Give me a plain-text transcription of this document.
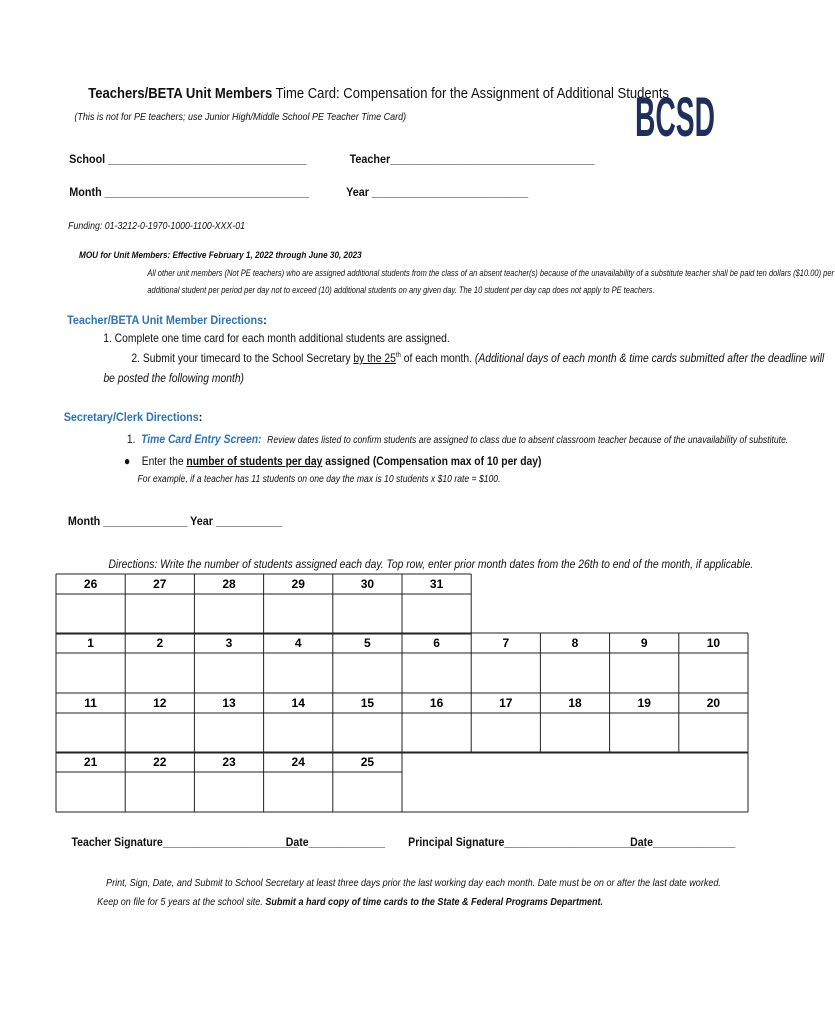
Teachers/BETA Unit Members Time Card: Compensation for the Assignment of Additional Students
(This is not for PE teachers; use Junior High/Middle School PE Teacher Time Card)	BCSD
School _________________________________	Teacher__________________________________
Month __________________________________	Year __________________________
Funding: 01-3212-0-1970-1000-1100-XXX-01
MOU for Unit Members: Effective February 1, 2022 through June 30, 2023
All other unit members (Not PE teachers) who are assigned additional students from the class of an absent teacher(s) because of the unavailability of a substitute teacher shall be paid ten dollars ($10.00) per additional student per period per day not to exceed (10) additional students on any given day. The 10 student per day cap does not apply to PE teachers.
Teacher/BETA Unit Member Directions:
1. Complete one time card for each month additional students are assigned.
2. Submit your timecard to the School Secretary by the 25th of each month. (Additional days of each month & time cards submitted after the deadline will
be posted the following month)
Secretary/Clerk Directions:
1. Time Card Entry Screen: Review dates listed to confirm students are assigned to class due to absent classroom teacher because of the unavailability of substitute.
●    Enter the number of students per day assigned (Compensation max of 10 per day)
For example, if a teacher has 11 students on one day the max is 10 students x $10 rate = $100.
Month ______________ Year ___________
Directions: Write the number of students assigned each day. Top row, enter prior month dates from the 26th to end of the month, if applicable.
26	27	28	29	30	31
1	2	3	4	5	6	7	8	9	10
11	12	13	14	15	16	17	18	19	20
21	22	23	24	25
Teacher Signature_______________________
Date_____________ Principal Signature________________________
Date______________
Print, Sign, Date, and Submit to School Secretary at least three days prior the last working day each month. Date must be on or after the last date worked.
Keep on file for 5 years at the school site. Submit a hard copy of time cards to the State & Federal Programs Department.
